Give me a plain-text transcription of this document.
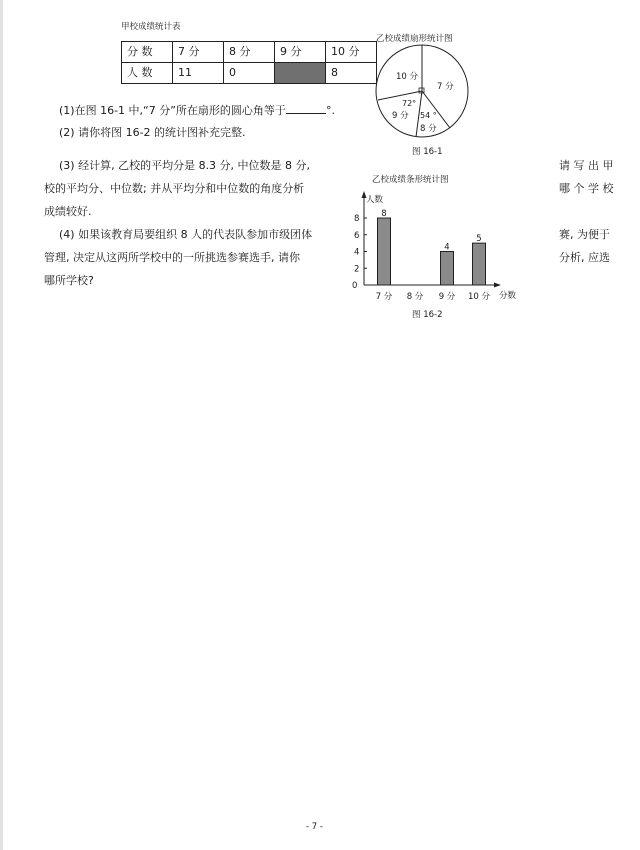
甲校成绩统计表
分 数	7 分	8 分	9 分	10 分
人 数	11	0		8
(1)在图 16-1 中,“7 分”所在扇形的圆心角等于	°.
(2) 请你将图 16-2 的统计图补充完整.
(3) 经计算, 乙校的平均分是 8.3 分, 中位数是 8 分,
校的平均分、中位数; 并从平均分和中位数的角度分析
成绩较好.
请 写 出 甲
哪 个 学 校
(4) 如果该教育局要组织 8 人的代表队参加市级团体
管理, 决定从这两所学校中的一所挑选参赛选手, 请你
哪所学校?
赛, 为便于
分析, 应选
乙校成绩扇形统计图
10 分
7 分
72°
9 分 54 °
8 分
图 16-1
乙校成绩条形统计图
人数
分数
0
2
4
6
8
7 分 8 分 9 分 10 分
8
4
5
图 16-2
- 7 -
